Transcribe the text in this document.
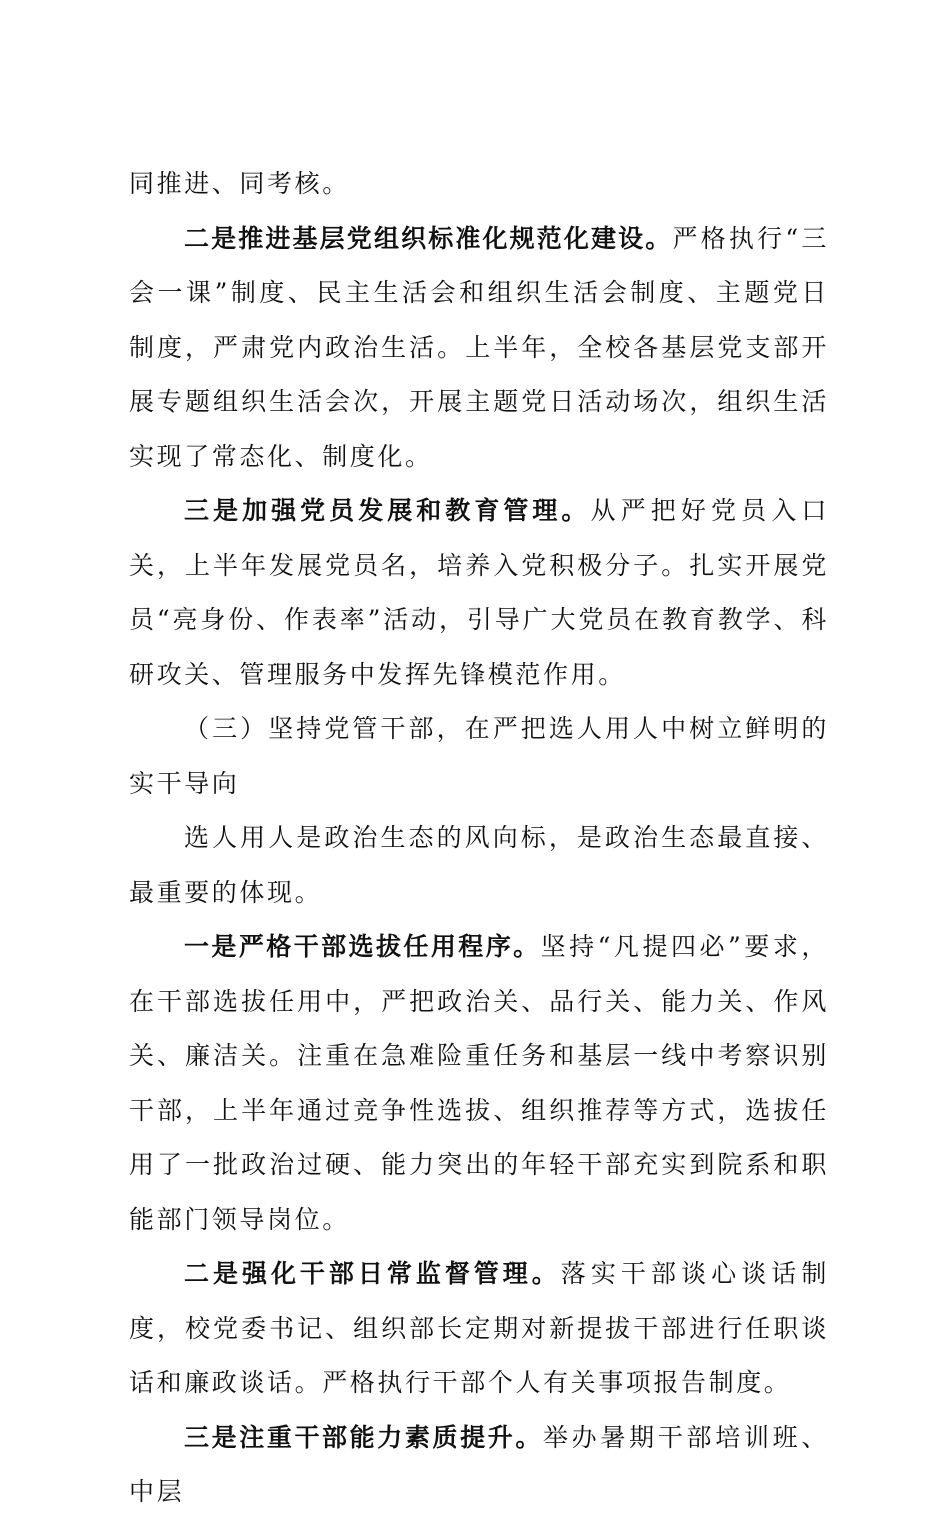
同推进、同考核。

二是推进基层党组织标准化规范化建设。严格执行“三会一课”制度、民主生活会和组织生活会制度、主题党日制度，严肃党内政治生活。上半年，全校各基层党支部开展专题组织生活会次，开展主题党日活动场次，组织生活实现了常态化、制度化。

三是加强党员发展和教育管理。从严把好党员入口关，上半年发展党员名，培养入党积极分子。扎实开展党员“亮身份、作表率”活动，引导广大党员在教育教学、科研攻关、管理服务中发挥先锋模范作用。

（三）坚持党管干部，在严把选人用人中树立鲜明的实干导向

选人用人是政治生态的风向标，是政治生态最直接、最重要的体现。

一是严格干部选拔任用程序。坚持“凡提四必”要求，在干部选拔任用中，严把政治关、品行关、能力关、作风关、廉洁关。注重在急难险重任务和基层一线中考察识别干部，上半年通过竞争性选拔、组织推荐等方式，选拔任用了一批政治过硬、能力突出的年轻干部充实到院系和职能部门领导岗位。

二是强化干部日常监督管理。落实干部谈心谈话制度，校党委书记、组织部长定期对新提拔干部进行任职谈话和廉政谈话。严格执行干部个人有关事项报告制度。

三是注重干部能力素质提升。举办暑期干部培训班、中层
